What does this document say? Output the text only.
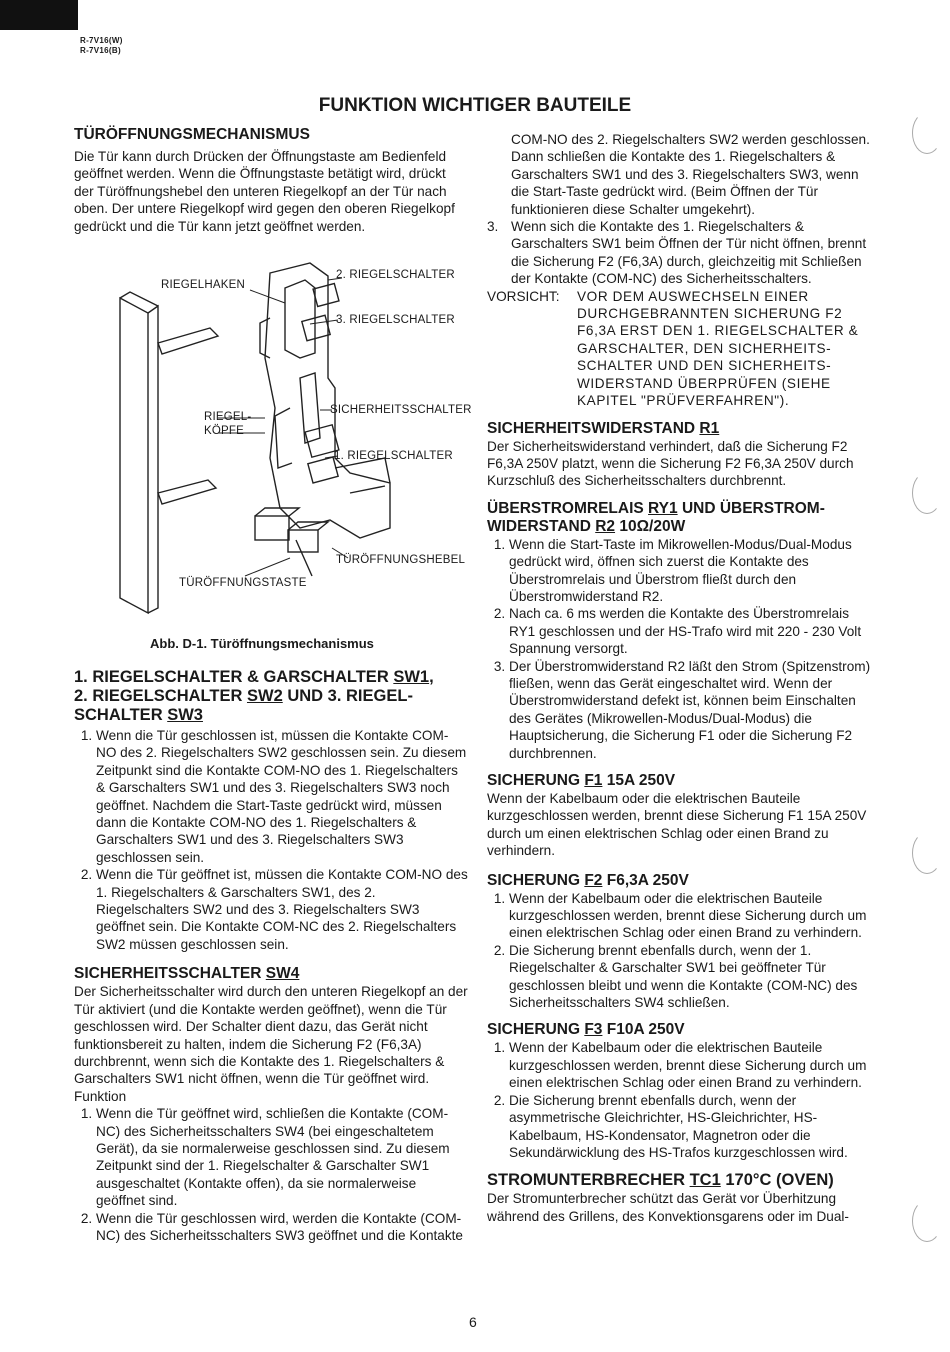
R-7V16(W)
R-7V16(B)
FUNKTION WICHTIGER BAUTEILE
TÜRÖFFNUNGSMECHANISMUS

Die Tür kann durch Drücken der Öffnungstaste am Bedienfeld geöffnet werden. Wenn die Öffnungstaste betätigt wird, drückt der Türöffnungshebel den unteren Riegelkopf an der Tür nach oben. Der untere Riegelkopf wird gegen den oberen Riegelkopf gedrückt und die Tür kann jetzt geöffnet werden.

RIEGELHAKEN
2. RIEGELSCHALTER
3. RIEGELSCHALTER
RIEGEL-
KÖPFE
SICHERHEITSSCHALTER
1. RIEGELSCHALTER
TÜRÖFFNUNGSHEBEL
TÜRÖFFNUNGSTASTE
Abb. D-1. Türöffnungsmechanismus
1. RIEGELSCHALTER & GARSCHALTER SW1,
2. RIEGELSCHALTER SW2 UND 3. RIEGEL-
SCHALTER SW3
1. Wenn die Tür geschlossen ist, müssen die Kontakte COM-NO des 2. Riegelschalters SW2 geschlossen sein. Zu diesem Zeitpunkt sind die Kontakte COM-NO des 1. Riegelschalters & Garschalters SW1 und des 3. Riegelschalters SW3 noch geöffnet. Nachdem die Start-Taste gedrückt wird, müssen dann die Kontakte COM-NO des 1. Riegelschalters & Garschalters SW1 und des 3. Riegelschalters SW3 geschlossen sein.
2. Wenn die Tür geöffnet ist, müssen die Kontakte COM-NO des 1. Riegelschalters & Garschalters SW1, des 2. Riegelschalters SW2 und des 3. Riegelschalters SW3 geöffnet sein. Die Kontakte COM-NC des 2. Riegelschalters SW2 müssen geschlossen sein.
SICHERHEITSSCHALTER SW4

Der Sicherheitsschalter wird durch den unteren Riegelkopf an der Tür aktiviert (und die Kontakte werden geöffnet), wenn die Tür geschlossen wird. Der Schalter dient dazu, das Gerät nicht funktionsbereit zu halten, indem die Sicherung F2 (F6,3A) durchbrennt, wenn sich die Kontakte des 1. Riegelschalters & Garschalters SW1 nicht öffnen, wenn die Tür geöffnet wird.

Funktion

1. Wenn die Tür geöffnet wird, schließen die Kontakte (COM-NC) des Sicherheitsschalters SW4 (bei eingeschaltetem Gerät), da sie normalerweise geschlossen sind. Zu diesem Zeitpunkt sind der 1. Riegelschalter & Garschalter SW1 ausgeschaltet (Kontakte offen), da sie normalerweise geöffnet sind.
2. Wenn die Tür geschlossen wird, werden die Kontakte (COM-NC) des Sicherheitsschalters SW3 geöffnet und die Kontakte

COM-NO des 2. Riegelschalters SW2 werden geschlossen. Dann schließen die Kontakte des 1. Riegelschalters & Garschalters SW1 und des 3. Riegelschalters SW3, wenn die Start-Taste gedrückt wird. (Beim Öffnen der Tür funktionieren diese Schalter umgekehrt).

3. Wenn sich die Kontakte des 1. Riegelschalters & Garschalters SW1 beim Öffnen der Tür nicht öffnen, brennt die Sicherung F2 (F6,3A) durch, gleichzeitig mit Schließen der Kontakte (COM-NC) des Sicherheitsschalters.
VORSICHT:	VOR DEM AUSWECHSELN EINER DURCHGEBRANNTEN SICHERUNG F2 F6,3A ERST DEN 1. RIEGELSCHALTER & GARSCHALTER, DEN SICHERHEITS-SCHALTER UND DEN SICHERHEITS-WIDERSTAND ÜBERPRÜFEN (SIEHE KAPITEL "PRÜFVERFAHREN").
SICHERHEITSWIDERSTAND R1

Der Sicherheitswiderstand verhindert, daß die Sicherung F2 F6,3A 250V platzt, wenn die Sicherung F2 F6,3A 250V durch Kurzschluß des Sicherheitsschalters durchbrennt.

ÜBERSTROMRELAIS RY1 UND ÜBERSTROM-
WIDERSTAND R2 10Ω/20W
1. Wenn die Start-Taste im Mikrowellen-Modus/Dual-Modus gedrückt wird, öffnen sich zuerst die Kontakte des Überstromrelais und Überstrom fließt durch den Überstromwiderstand R2.
2. Nach ca. 6 ms werden die Kontakte des Überstromrelais RY1 geschlossen und der HS-Trafo wird mit 220 - 230 Volt Spannung versorgt.
3. Der Überstromwiderstand R2 läßt den Strom (Spitzenstrom) fließen, wenn das Gerät eingeschaltet wird. Wenn der Überstromwiderstand defekt ist, können beim Einschalten des Gerätes (Mikrowellen-Modus/Dual-Modus) die Hauptsicherung, die Sicherung F1 oder die Sicherung F2 durchbrennen.
SICHERUNG F1 15A 250V

Wenn der Kabelbaum oder die elektrischen Bauteile kurzgeschlossen werden, brennt diese Sicherung F1 15A 250V durch um einen elektrischen Schlag oder einen Brand zu verhindern.

SICHERUNG F2 F6,3A 250V
1. Wenn der Kabelbaum oder die elektrischen Bauteile kurzgeschlossen werden, brennt diese Sicherung durch um einen elektrischen Schlag oder einen Brand zu verhindern.
2. Die Sicherung brennt ebenfalls durch, wenn der 1. Riegelschalter & Garschalter SW1 bei geöffneter Tür geschlossen bleibt und wenn die Kontakte (COM-NC) des Sicherheitsschalters SW4 schließen.
SICHERUNG F3 F10A 250V
1. Wenn der Kabelbaum oder die elektrischen Bauteile kurzgeschlossen werden, brennt diese Sicherung durch um einen elektrischen Schlag oder einen Brand zu verhindern.
2. Die Sicherung brennt ebenfalls durch, wenn der asymmetrische Gleichrichter, HS-Gleichrichter, HS-Kabelbaum, HS-Kondensator, Magnetron oder die Sekundärwicklung des HS-Trafos kurzgeschlossen wird.
STROMUNTERBRECHER TC1 170°C (OVEN)

Der Stromunterbrecher schützt das Gerät vor Überhitzung während des Grillens, des Konvektionsgarens oder im Dual-

6
